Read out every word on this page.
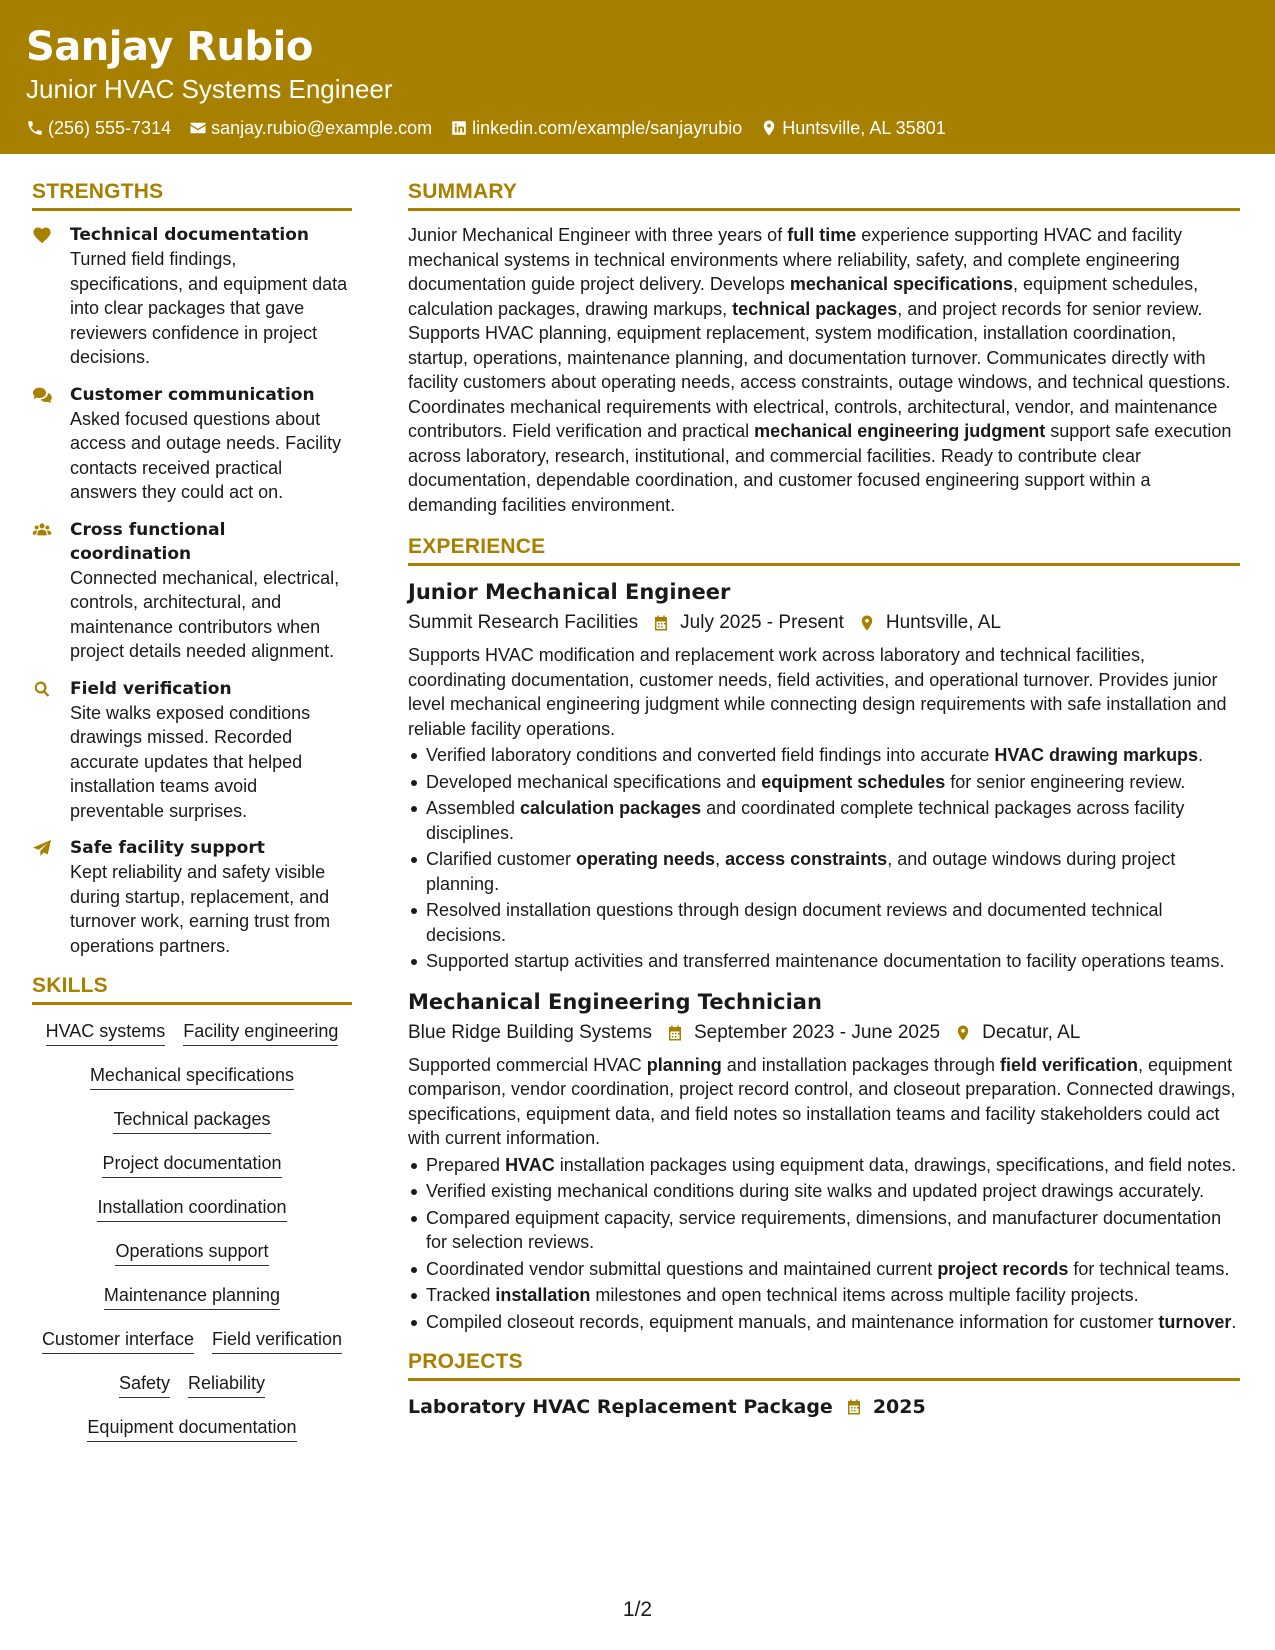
Sanjay Rubio
Junior HVAC Systems Engineer
(256) 555-7314 sanjay.rubio@example.com linkedin.com/example/sanjayrubio Huntsville, AL 35801
STRENGTHS
Technical documentation
Turned field findings, specifications, and equipment data into clear packages that gave reviewers confidence in project decisions.
Customer communication
Asked focused questions about access and outage needs. Facility contacts received practical answers they could act on.
Cross functional coordination
Connected mechanical, electrical, controls, architectural, and maintenance contributors when project details needed alignment.
Field verification
Site walks exposed conditions drawings missed. Recorded accurate updates that helped installation teams avoid preventable surprises.
Safe facility support
Kept reliability and safety visible during startup, replacement, and turnover work, earning trust from operations partners.
SKILLS
HVAC systems Facility engineering
Mechanical specifications
Technical packages
Project documentation
Installation coordination
Operations support
Maintenance planning
Customer interface Field verification
Safety Reliability
Equipment documentation
SUMMARY
Junior Mechanical Engineer with three years of full time experience supporting HVAC and facility mechanical systems in technical environments where reliability, safety, and complete engineering documentation guide project delivery. Develops mechanical specifications, equipment schedules, calculation packages, drawing markups, technical packages, and project records for senior review. Supports HVAC planning, equipment replacement, system modification, installation coordination, startup, operations, maintenance planning, and documentation turnover. Communicates directly with facility customers about operating needs, access constraints, outage windows, and technical questions. Coordinates mechanical requirements with electrical, controls, architectural, vendor, and maintenance contributors. Field verification and practical mechanical engineering judgment support safe execution across laboratory, research, institutional, and commercial facilities. Ready to contribute clear documentation, dependable coordination, and customer focused engineering support within a demanding facilities environment.
EXPERIENCE
Junior Mechanical Engineer
Summit Research Facilities July 2025 - Present Huntsville, AL
Supports HVAC modification and replacement work across laboratory and technical facilities, coordinating documentation, customer needs, field activities, and operational turnover. Provides junior level mechanical engineering judgment while connecting design requirements with safe installation and reliable facility operations.
Verified laboratory conditions and converted field findings into accurate HVAC drawing markups.
Developed mechanical specifications and equipment schedules for senior engineering review.
Assembled calculation packages and coordinated complete technical packages across facility disciplines.
Clarified customer operating needs, access constraints, and outage windows during project planning.
Resolved installation questions through design document reviews and documented technical decisions.
Supported startup activities and transferred maintenance documentation to facility operations teams.
Mechanical Engineering Technician
Blue Ridge Building Systems September 2023 - June 2025 Decatur, AL
Supported commercial HVAC planning and installation packages through field verification, equipment comparison, vendor coordination, project record control, and closeout preparation. Connected drawings, specifications, equipment data, and field notes so installation teams and facility stakeholders could act with current information.
Prepared HVAC installation packages using equipment data, drawings, specifications, and field notes.
Verified existing mechanical conditions during site walks and updated project drawings accurately.
Compared equipment capacity, service requirements, dimensions, and manufacturer documentation for selection reviews.
Coordinated vendor submittal questions and maintained current project records for technical teams.
Tracked installation milestones and open technical items across multiple facility projects.
Compiled closeout records, equipment manuals, and maintenance information for customer turnover.
PROJECTS
Laboratory HVAC Replacement Package 2025
1/2
